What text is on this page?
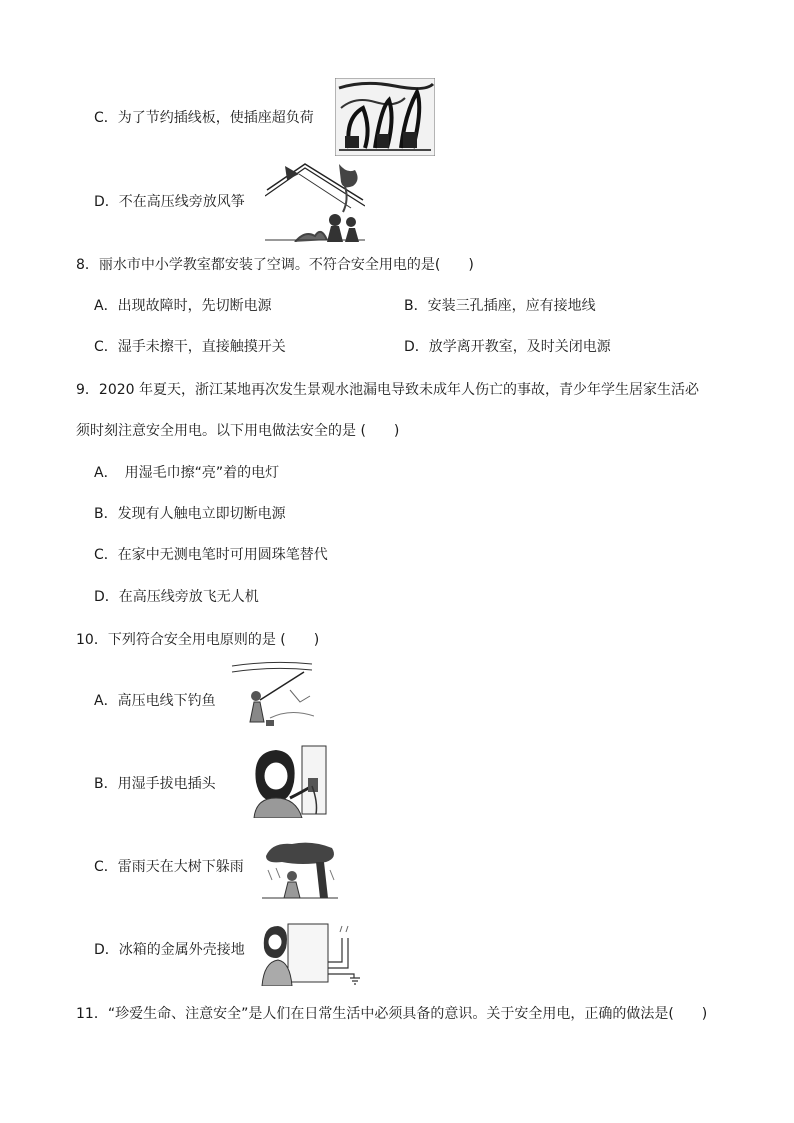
C．为了节约插线板，使插座超负荷
D．不在高压线旁放风筝
8．丽水市中小学教室都安装了空调。不符合安全用电的是(　　)
A．出现故障时，先切断电源	B．安装三孔插座，应有接地线
C．湿手未擦干，直接触摸开关	D．放学离开教室，及时关闭电源
9．2020 年夏天，浙江某地再次发生景观水池漏电导致未成年人伤亡的事故，青少年学生居家生活必
须时刻注意安全用电。以下用电做法安全的是 (　　)
A．　用湿毛巾擦“亮”着的电灯
B．发现有人触电立即切断电源
C．在家中无测电笔时可用圆珠笔替代
D．在高压线旁放飞无人机
10．下列符合安全用电原则的是 (　　)
A．高压电线下钓鱼
B．用湿手拔电插头
C．雷雨天在大树下躲雨
D．冰箱的金属外壳接地
11．“珍爱生命、注意安全”是人们在日常生活中必须具备的意识。关于安全用电，正确的做法是(　　)
